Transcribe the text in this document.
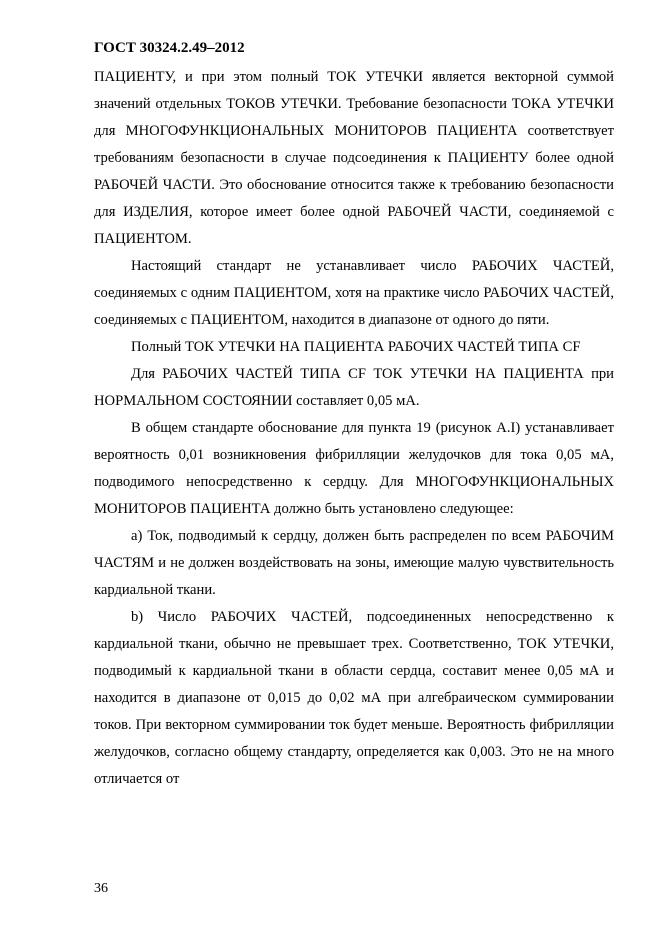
ГОСТ 30324.2.49–2012

ПАЦИЕНТУ, и при этом полный ТОК УТЕЧКИ является векторной суммой значений отдельных ТОКОВ УТЕЧКИ. Требование безопасности ТОКА УТЕЧКИ для МНОГОФУНКЦИОНАЛЬНЫХ МОНИТОРОВ ПАЦИЕНТА соответствует требованиям безопасности в случае подсоединения к ПАЦИЕНТУ более одной РАБОЧЕЙ ЧАСТИ. Это обоснование относится также к требованию безопасности для ИЗДЕЛИЯ, которое имеет более одной РАБОЧЕЙ ЧАСТИ, соединяемой с ПАЦИЕНТОМ.

Настоящий стандарт не устанавливает число РАБОЧИХ ЧАСТЕЙ, соединяемых с одним ПАЦИЕНТОМ, хотя на практике число РАБОЧИХ ЧАСТЕЙ, соединяемых с ПАЦИЕНТОМ, находится в диапазоне от одного до пяти.

Полный ТОК УТЕЧКИ НА ПАЦИЕНТА РАБОЧИХ ЧАСТЕЙ ТИПА CF

Для РАБОЧИХ ЧАСТЕЙ ТИПА CF ТОК УТЕЧКИ НА ПАЦИЕНТА при НОРМАЛЬНОМ СОСТОЯНИИ составляет 0,05 мА.

В общем стандарте обоснование для пункта 19 (рисунок А.I) устанавливает вероятность 0,01 возникновения фибрилляции желудочков для тока 0,05 мА, подводимого непосредственно к сердцу. Для МНОГОФУНКЦИОНАЛЬНЫХ МОНИТОРОВ ПАЦИЕНТА должно быть установлено следующее:

a) Ток, подводимый к сердцу, должен быть распределен по всем РАБОЧИМ ЧАСТЯМ и не должен воздействовать на зоны, имеющие малую чувствительность кардиальной ткани.

b) Число РАБОЧИХ ЧАСТЕЙ, подсоединенных непосредственно к кардиальной ткани, обычно не превышает трех. Соответственно, ТОК УТЕЧКИ, подводимый к кардиальной ткани в области сердца, составит менее 0,05 мА и находится в диапазоне от 0,015 до 0,02 мА при алгебраическом суммировании токов. При векторном суммировании ток будет меньше. Вероятность фибрилляции желудочков, согласно общему стандарту, определяется как 0,003. Это не на много отличается от

36
